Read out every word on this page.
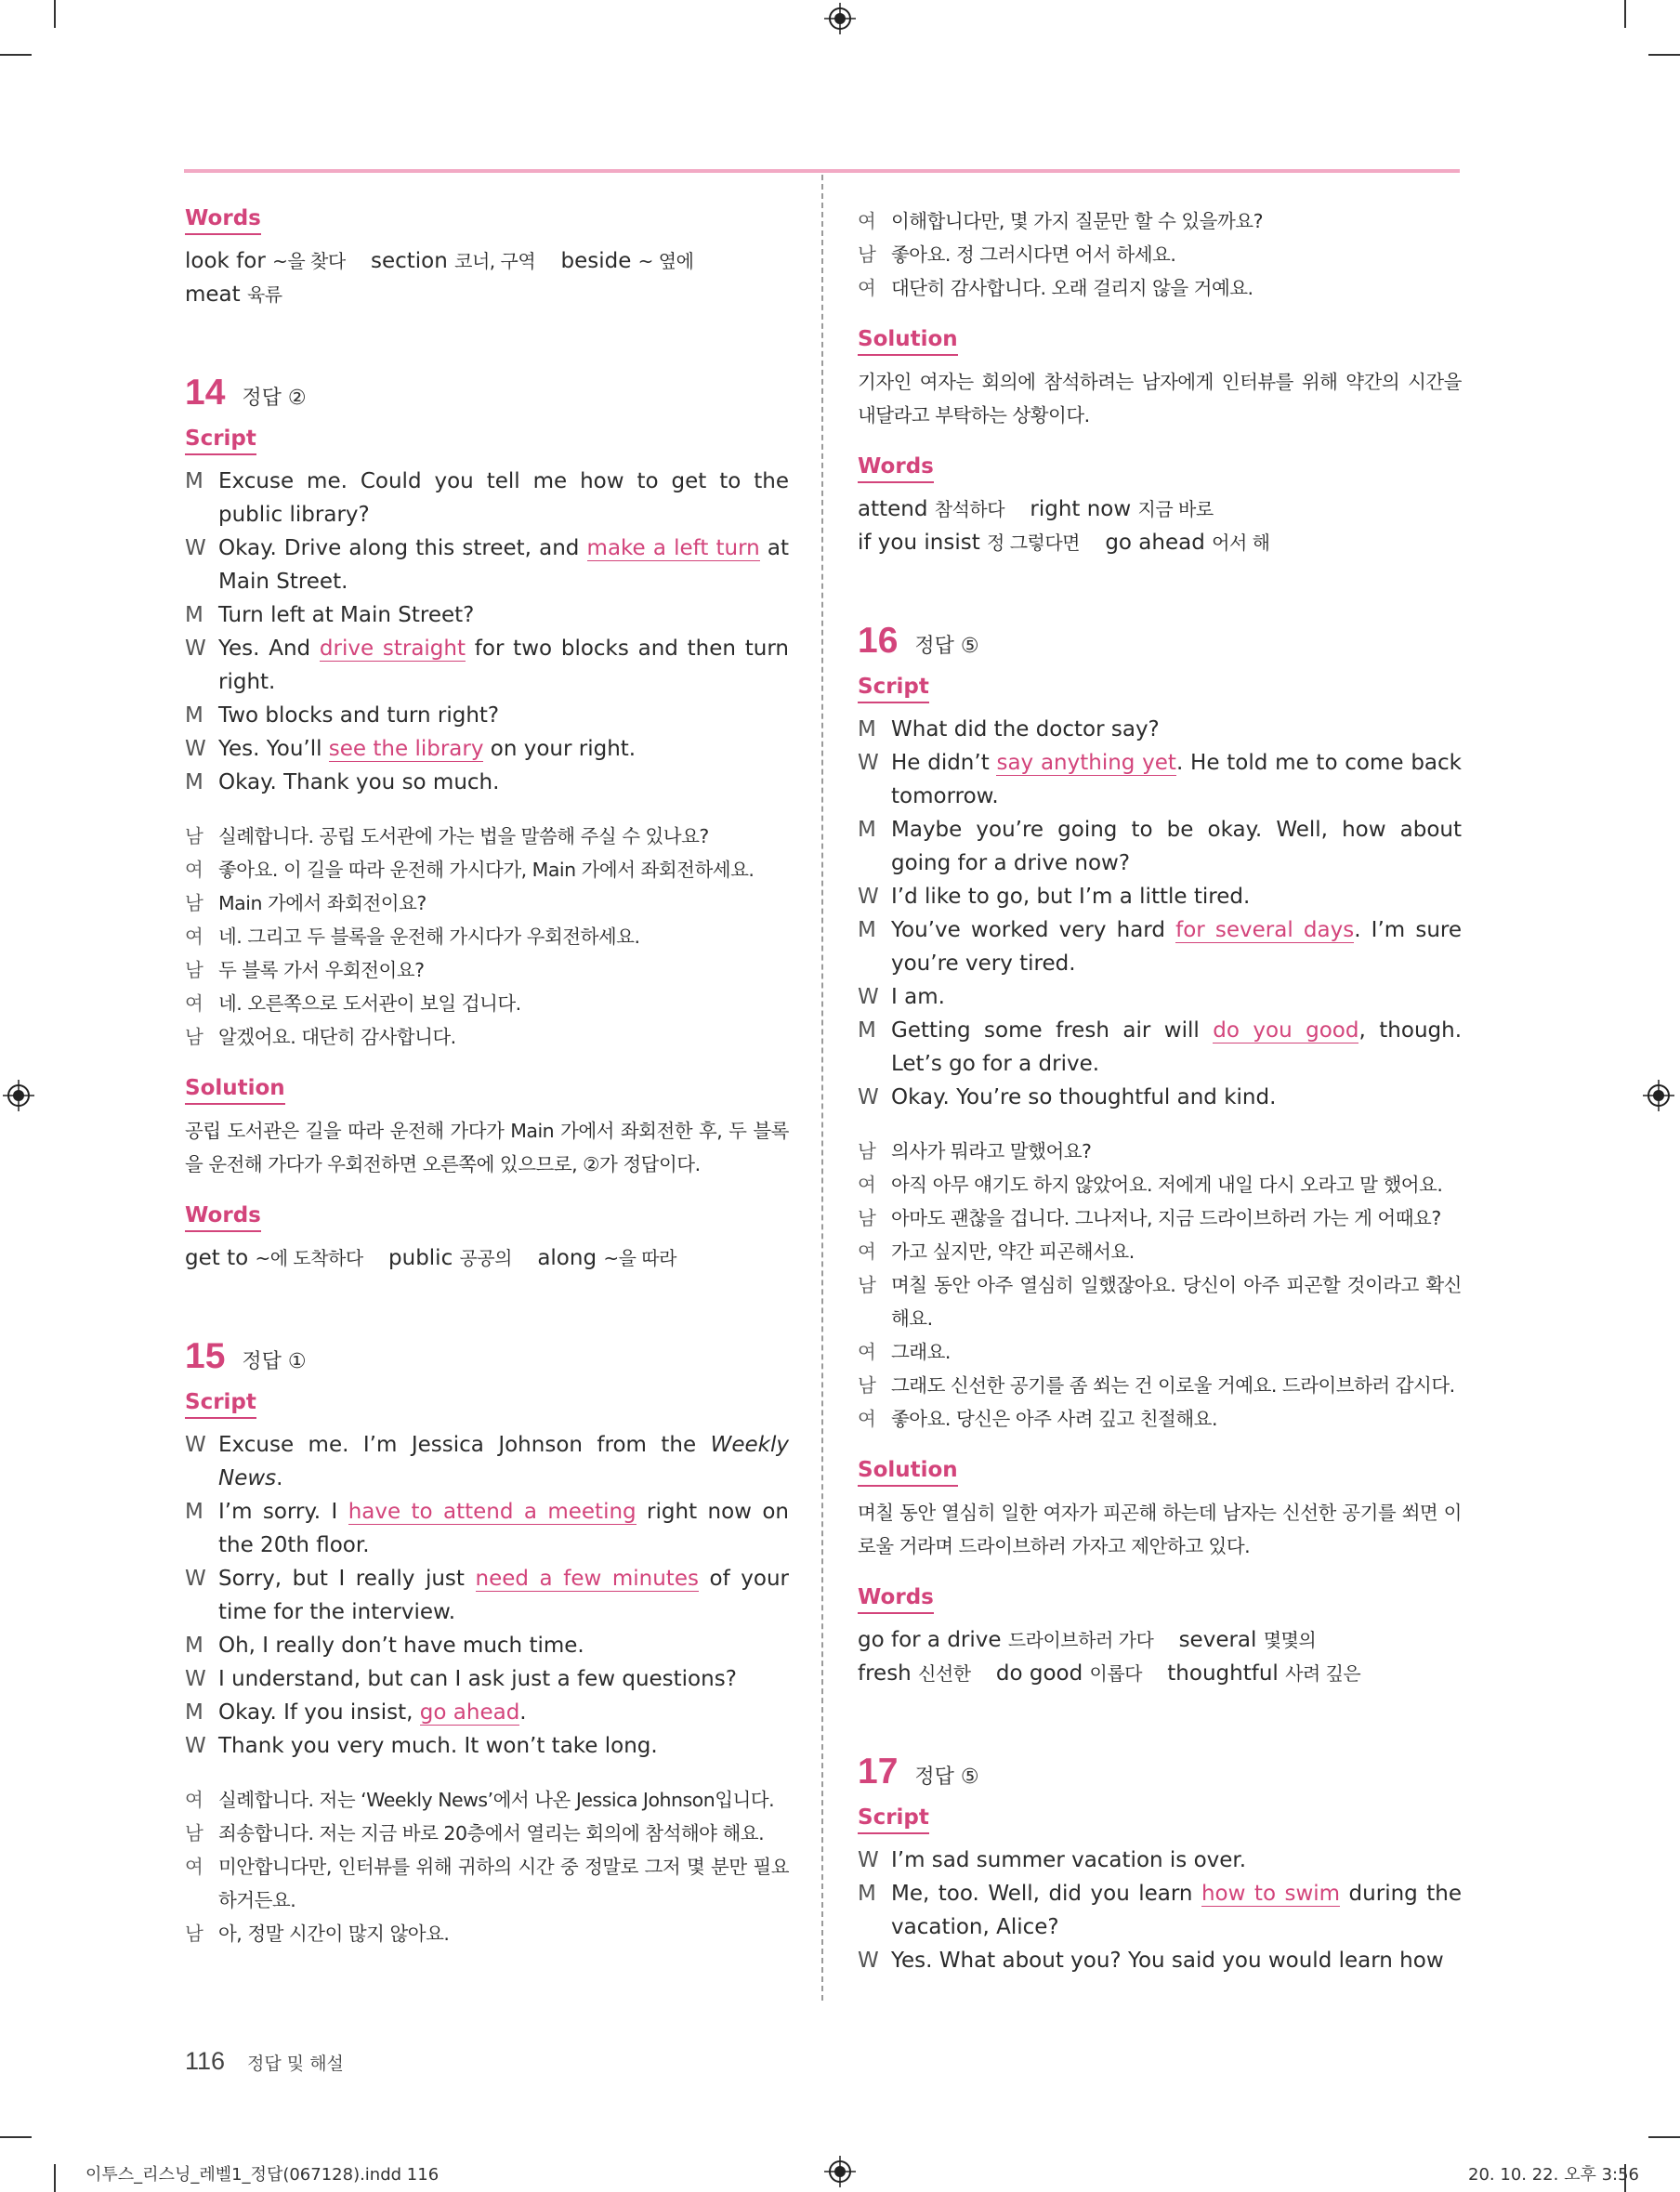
Words
look for ~을 찾다 section 코너, 구역 beside ~ 옆에 meat 육류
14 정답 ②
Script
M Excuse me. Could you tell me how to get to the public library?
W Okay. Drive along this street, and make a left turn at Main Street.
M Turn left at Main Street?
W Yes. And drive straight for two blocks and then turn right.
M Two blocks and turn right?
W Yes. You’ll see the library on your right.
M Okay. Thank you so much.
남 실례합니다. 공립 도서관에 가는 법을 말씀해 주실 수 있나요?
여 좋아요. 이 길을 따라 운전해 가시다가, Main 가에서 좌회전하세요.
남 Main 가에서 좌회전이요?
여 네. 그리고 두 블록을 운전해 가시다가 우회전하세요.
남 두 블록 가서 우회전이요?
여 네. 오른쪽으로 도서관이 보일 겁니다.
남 알겠어요. 대단히 감사합니다.
Solution
공립 도서관은 길을 따라 운전해 가다가 Main 가에서 좌회전한 후, 두 블록을 운전해 가다가 우회전하면 오른쪽에 있으므로, ②가 정답이다.
Words
get to ~에 도착하다 public 공공의 along ~을 따라
15 정답 ①
Script
W Excuse me. I’m Jessica Johnson from the Weekly News.
M I’m sorry. I have to attend a meeting right now on the 20th floor.
W Sorry, but I really just need a few minutes of your time for the interview.
M Oh, I really don’t have much time.
W I understand, but can I ask just a few questions?
M Okay. If you insist, go ahead.
W Thank you very much. It won’t take long.
여 실례합니다. 저는 ‘Weekly News’에서 나온 Jessica Johnson입니다.
남 죄송합니다. 저는 지금 바로 20층에서 열리는 회의에 참석해야 해요.
여 미안합니다만, 인터뷰를 위해 귀하의 시간 중 정말로 그저 몇 분만 필요하거든요.
남 아, 정말 시간이 많지 않아요.
여 이해합니다만, 몇 가지 질문만 할 수 있을까요?
남 좋아요. 정 그러시다면 어서 하세요.
여 대단히 감사합니다. 오래 걸리지 않을 거예요.
Solution
기자인 여자는 회의에 참석하려는 남자에게 인터뷰를 위해 약간의 시간을 내달라고 부탁하는 상황이다.
Words
attend 참석하다 right now 지금 바로 if you insist 정 그렇다면 go ahead 어서 해
16 정답 ⑤
Script
M What did the doctor say?
W He didn’t say anything yet. He told me to come back tomorrow.
M Maybe you’re going to be okay. Well, how about going for a drive now?
W I’d like to go, but I’m a little tired.
M You’ve worked very hard for several days. I’m sure you’re very tired.
W I am.
M Getting some fresh air will do you good, though. Let’s go for a drive.
W Okay. You’re so thoughtful and kind.
남 의사가 뭐라고 말했어요?
여 아직 아무 얘기도 하지 않았어요. 저에게 내일 다시 오라고 말 했어요.
남 아마도 괜찮을 겁니다. 그나저나, 지금 드라이브하러 가는 게 어때요?
여 가고 싶지만, 약간 피곤해서요.
남 며칠 동안 아주 열심히 일했잖아요. 당신이 아주 피곤할 것이라고 확신해요.
여 그래요.
남 그래도 신선한 공기를 좀 쐬는 건 이로울 거예요. 드라이브하러 갑시다.
여 좋아요. 당신은 아주 사려 깊고 친절해요.
Solution
며칠 동안 열심히 일한 여자가 피곤해 하는데 남자는 신선한 공기를 쐬면 이로울 거라며 드라이브하러 가자고 제안하고 있다.
Words
go for a drive 드라이브하러 가다 several 몇몇의 fresh 신선한 do good 이롭다 thoughtful 사려 깊은
17 정답 ⑤
Script
W I’m sad summer vacation is over.
M Me, too. Well, did you learn how to swim during the vacation, Alice?
W Yes. What about you? You said you would learn how
116 정답 및 해설
이투스_리스닝_레벨1_정답(067128).indd 116	20. 10. 22. 오후 3:56
